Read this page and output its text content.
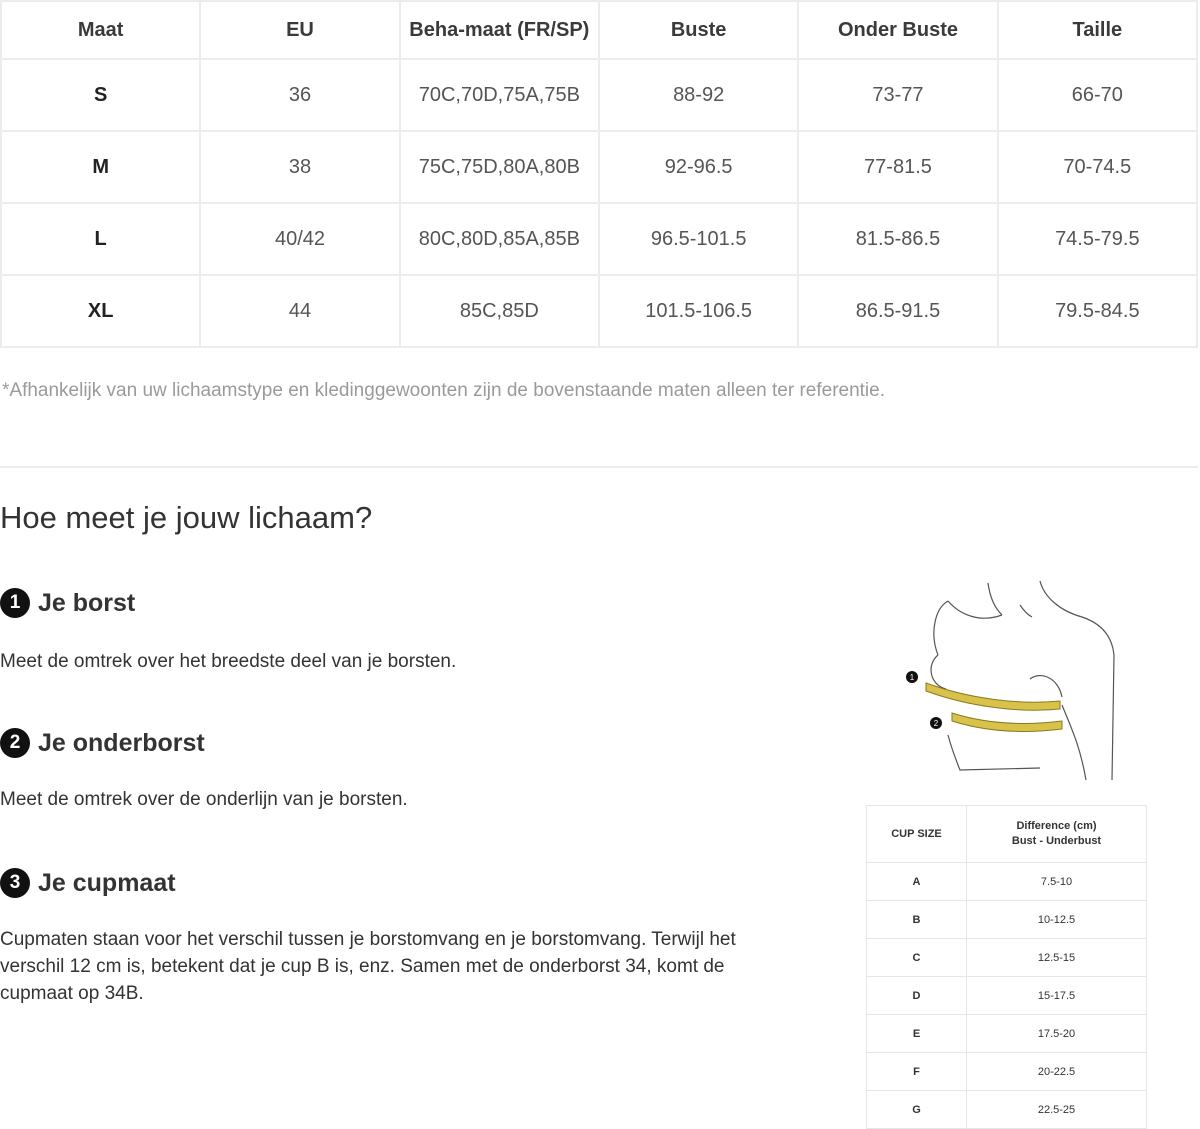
Maat	EU	Beha-maat (FR/SP)	Buste	Onder Buste	Taille
S	36	70C,70D,75A,75B	88-92	73-77	66-70
M	38	75C,75D,80A,80B	92-96.5	77-81.5	70-74.5
L	40/42	80C,80D,85A,85B	96.5-101.5	81.5-86.5	74.5-79.5
XL	44	85C,85D	101.5-106.5	86.5-91.5	79.5-84.5

*Afhankelijk van uw lichaamstype en kledinggewoonten zijn de bovenstaande maten alleen ter referentie.

Hoe meet je jouw lichaam?
1 Je borst

Meet de omtrek over het breedste deel van je borsten.

2 Je onderborst

Meet de omtrek over de onderlijn van je borsten.

3 Je cupmaat

Cupmaten staan voor het verschil tussen je borstomvang en je borstomvang. Terwijl het verschil 12 cm is, betekent dat je cup B is, enz. Samen met de onderborst 34, komt de cupmaat op 34B.

1
2
CUP SIZE	Difference (cm)
Bust - Underbust
A	7.5-10
B	10-12.5
C	12.5-15
D	15-17.5
E	17.5-20
F	20-22.5
G	22.5-25
